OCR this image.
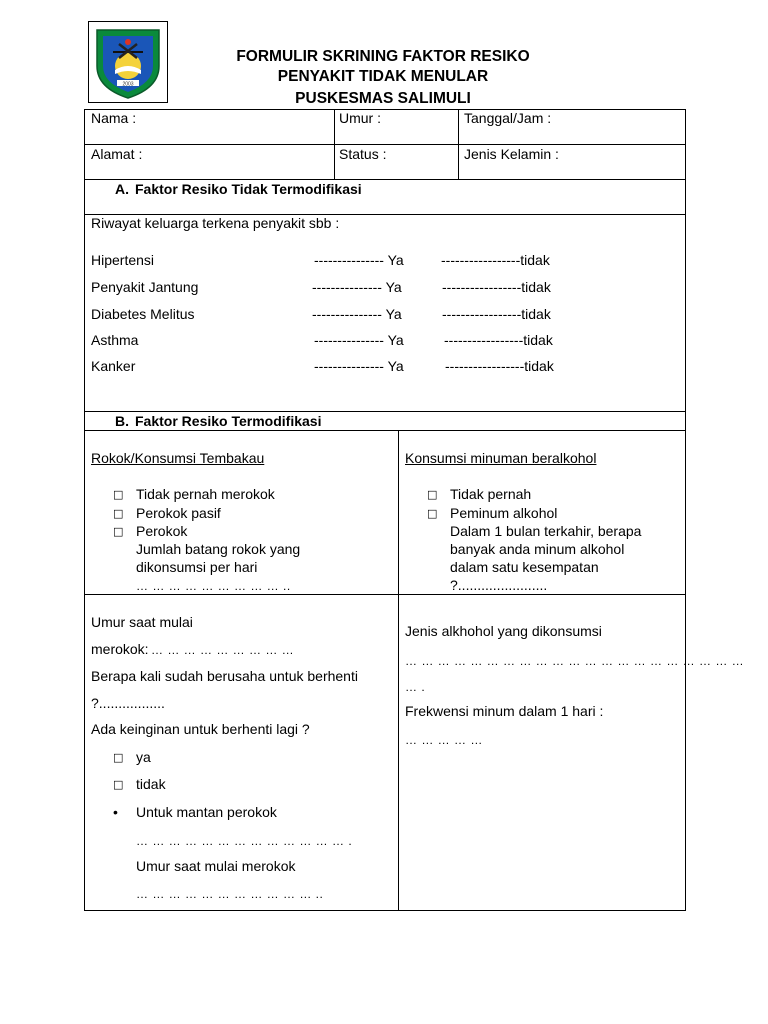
2003
FORMULIR SKRINING FAKTOR RESIKO
PENYAKIT TIDAK MENULAR
PUSKESMAS SALIMULI
Nama :	Umur :	Tanggal/Jam :
Alamat :	Status :	Jenis Kelamin :
A. Faktor Resiko Tidak Termodifikasi
Riwayat keluarga terkena penyakit sbb :
Hipertensi	--------------- Ya	-----------------tidak
Penyakit Jantung	--------------- Ya	-----------------tidak
Diabetes Melitus	--------------- Ya	-----------------tidak
Asthma	--------------- Ya	-----------------tidak
Kanker	--------------- Ya	-----------------tidak
B. Faktor Resiko Termodifikasi
Rokok/Konsumsi Tembakau
□ Tidak pernah merokok
□ Perokok pasif
□ Perokok
Jumlah batang rokok yang
dikonsumsi per hari
… … … … … … … … … ..
Konsumsi minuman beralkohol
□ Tidak pernah
□ Peminum alkohol
Dalam 1 bulan terkahir, berapa
banyak anda minum alkohol
dalam satu kesempatan
?.......................
Umur saat mulai
merokok: … … … … … … … … …
Berapa kali sudah berusaha untuk berhenti
?.................
Ada keinginan untuk berhenti lagi ?
□ ya
□ tidak
• Untuk mantan perokok
… … … … … … … … … … … … … .
Umur saat mulai merokok
… … … … … … … … … … … ..
Jenis alkhohol yang dikonsumsi
… … … … … … … … … … … … … … … … … … … … …
… .
Frekwensi minum dalam 1 hari :
… … … … …
